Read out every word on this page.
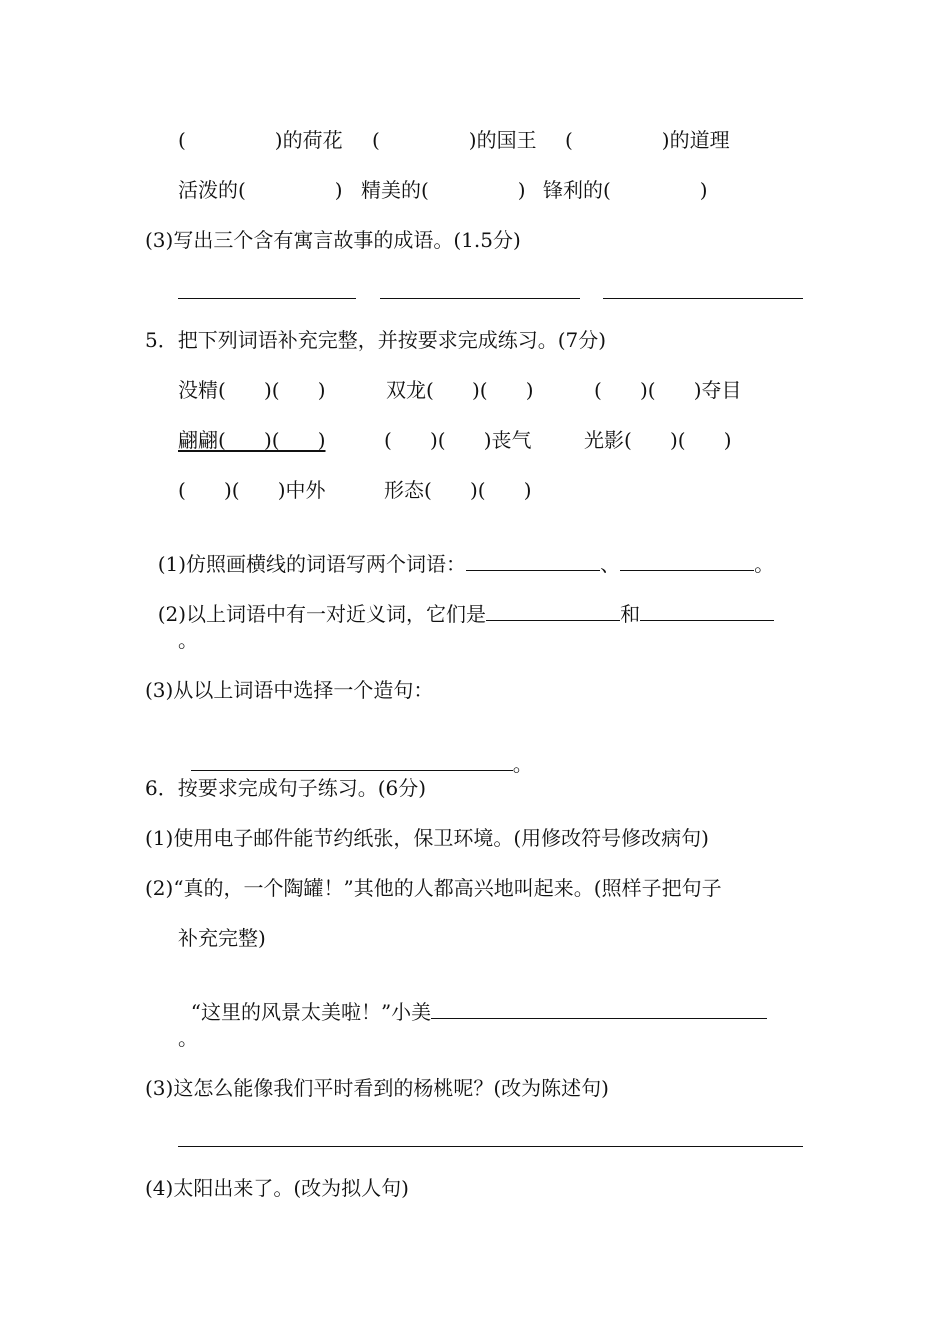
(              )的荷花 (              )的国王 (              )的道理
活泼的(              ) 精美的(              ) 锋利的(              )
(3)写出三个含有寓言故事的成语。(1.5分)
5．把下列词语补充完整，并按要求完成练习。(7分)
没精(      )(      )	双龙(      )(      )	(      )(      )夺目
翩翩(      )(      )	(      )(      )丧气	光影(      )(      )
(      )(      )中外	形态(      )(      )

(1)仿照画横线的词语写两个词语：	、	。

(2)以上词语中有一对近义词，它们是	和

。
(3)从以上词语中选择一个造句：

。

6．按要求完成句子练习。(6分)
(1)使用电子邮件能节约纸张，保卫环境。(用修改符号修改病句)
(2)“真的，一个陶罐！”其他的人都高兴地叫起来。(照样子把句子
补充完整)

“这里的风景太美啦！”小美

。
(3)这怎么能像我们平时看到的杨桃呢？(改为陈述句)
(4)太阳出来了。(改为拟人句)
